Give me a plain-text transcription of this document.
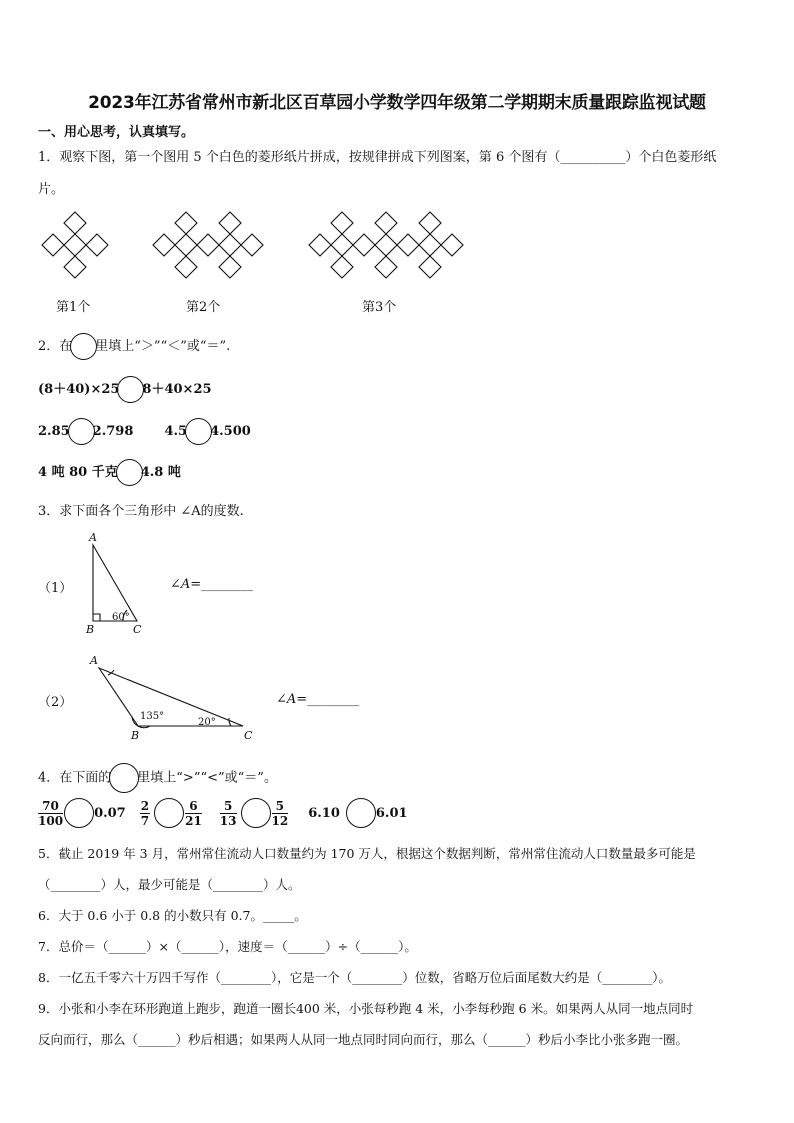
2023年江苏省常州市新北区百草园小学数学四年级第二学期期末质量跟踪监视试题
一、用心思考，认真填写。
1．观察下图，第一个图用 5 个白色的菱形纸片拼成，按规律拼成下列图案，第 6 个图有（__________）个白色菱形纸
片。
第1个	第2个	第3个
2．在 里填上“＞”“＜”或“＝”.
(8＋40)×25 8＋40×25
2.85 2.798 4.5 4.500
4 吨 80 千克 4.8 吨
3．求下面各个三角形中 ∠A的度数.
A
B	C
60°
A
B	C
135°
20°
（1）	∠A=________
（2）	∠A=________
4．在下面的 里填上“>”“<”或“＝”。
$\frac{70}{100} 0.07 \frac{2}{7}$	$\frac{6}{21} \frac{5}{13}$	$\frac{5}{12} 6.10$	6.01
5．截止 2019 年 3 月，常州常住流动人口数量约为 170 万人，根据这个数据判断，常州常住流动人口数量最多可能是
（________）人，最少可能是（________）人。
6．大于 0.6 小于 0.8 的小数只有 0.7。_____。
7．总价＝（______）×（______），速度＝（______）÷（______）。
8．一亿五千零六十万四千写作（________），它是一个（________）位数，省略万位后面尾数大约是（________）。
9．小张和小李在环形跑道上跑步，跑道一圈长400 米，小张每秒跑 4 米，小李每秒跑 6 米。如果两人从同一地点同时
反向而行，那么（______）秒后相遇；如果两人从同一地点同时同向而行，那么（______）秒后小李比小张多跑一圈。
